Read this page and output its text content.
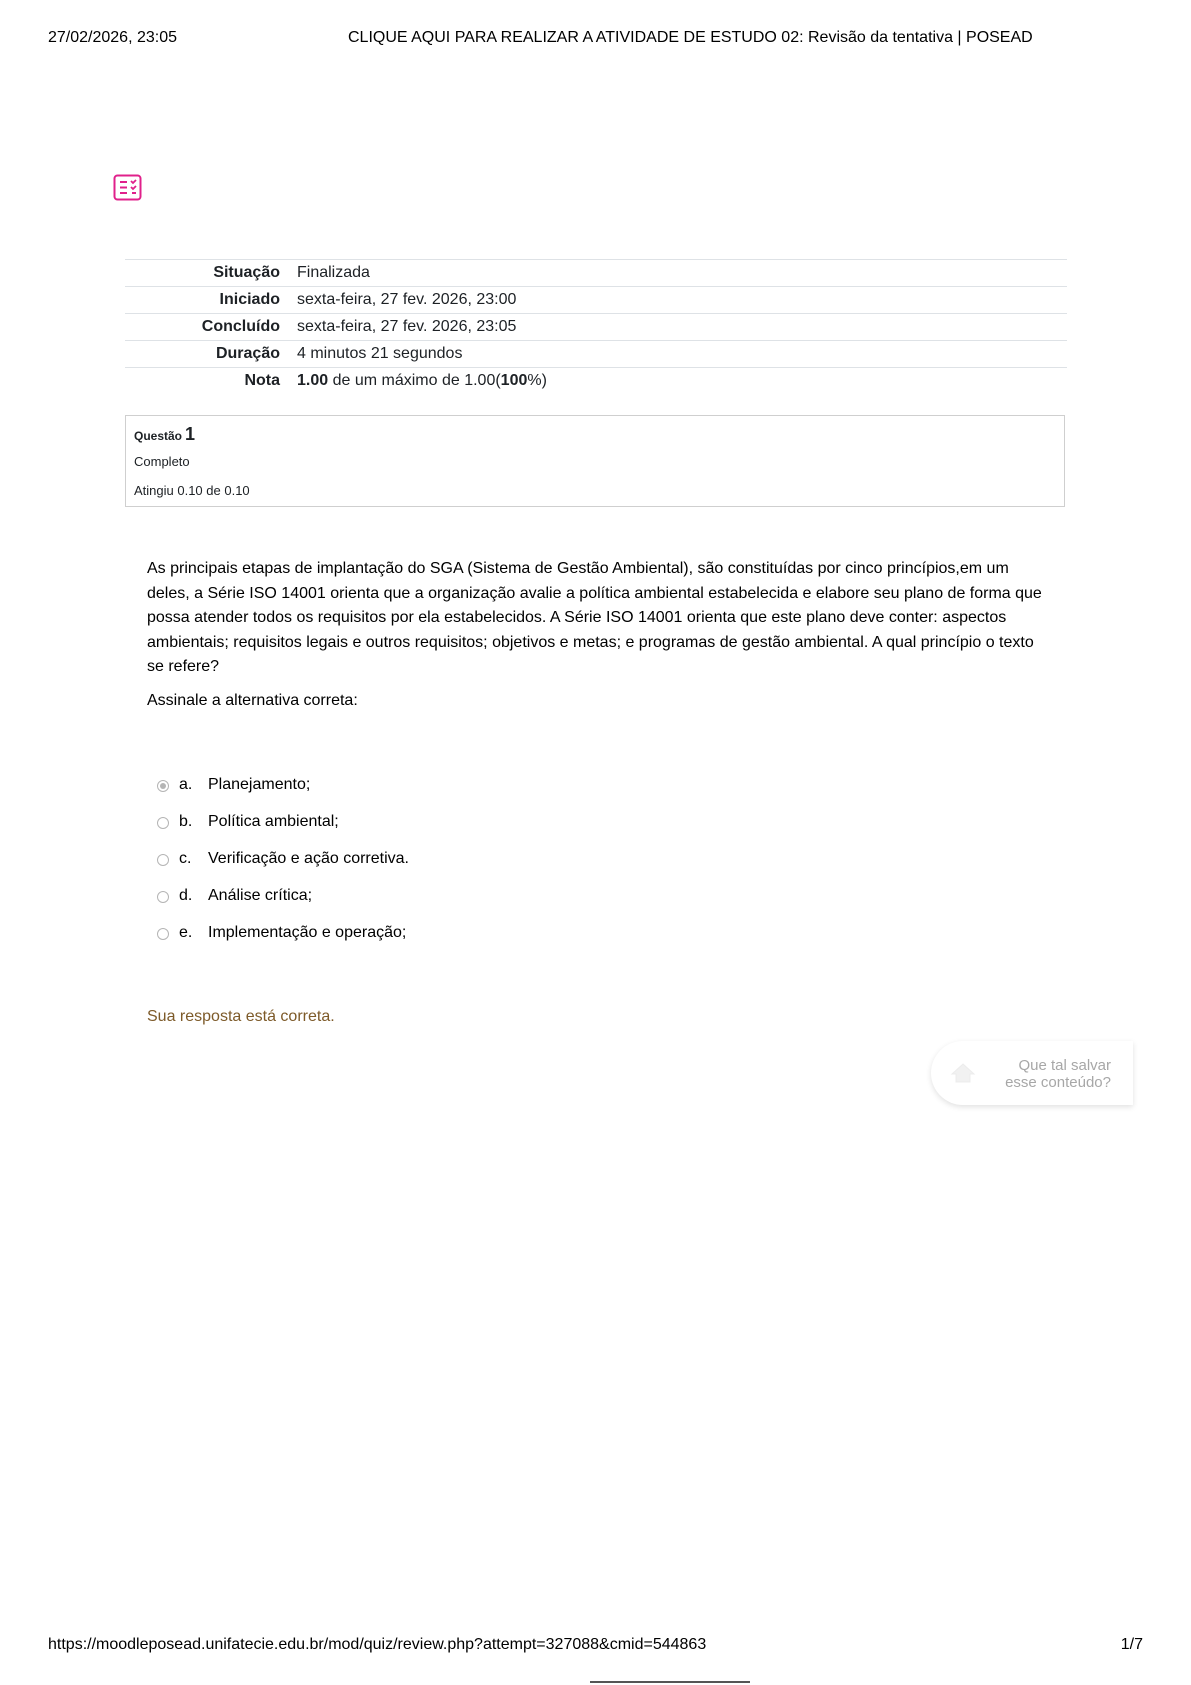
27/02/2026, 23:05	CLIQUE AQUI PARA REALIZAR A ATIVIDADE DE ESTUDO 02: Revisão da tentativa | POSEAD
Situação	Finalizada
Iniciado	sexta-feira, 27 fev. 2026, 23:00
Concluído	sexta-feira, 27 fev. 2026, 23:05
Duração	4 minutos 21 segundos
Nota	1.00 de um máximo de 1.00(100%)
Questão 1
Completo
Atingiu 0.10 de 0.10

As principais etapas de implantação do SGA (Sistema de Gestão Ambiental), são constituídas por cinco princípios,em um deles, a Série ISO 14001 orienta que a organização avalie a política ambiental estabelecida e elabore seu plano de forma que possa atender todos os requisitos por ela estabelecidos. A Série ISO 14001 orienta que este plano deve conter: aspectos ambientais; requisitos legais e outros requisitos; objetivos e metas; e programas de gestão ambiental. A qual princípio o texto se refere?

Assinale a alternativa correta:

a. Planejamento;
b. Política ambiental;
c. Verificação e ação corretiva.
d. Análise crítica;
e. Implementação e operação;
Sua resposta está correta.
Que tal salvar
esse conteúdo?
https://moodleposead.unifatecie.edu.br/mod/quiz/review.php?attempt=327088&cmid=544863	1/7
